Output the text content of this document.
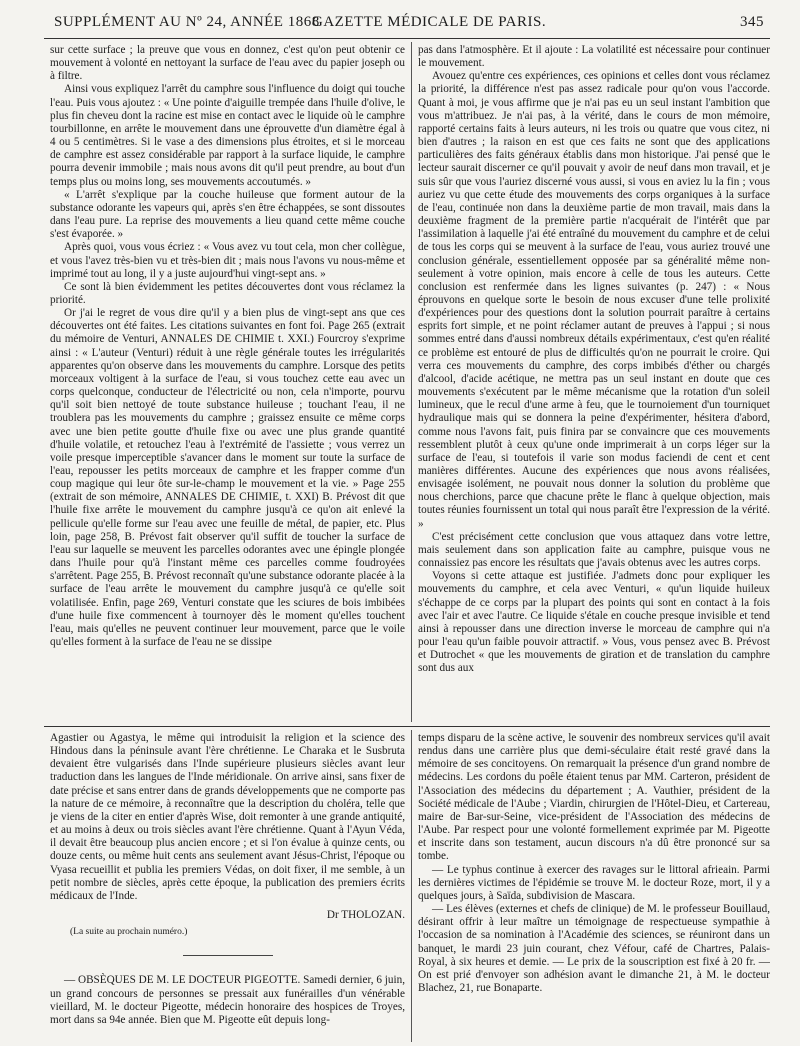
SUPPLÉMENT AU Nº 24, ANNÉE 1868
GAZETTE MÉDICALE DE PARIS.	345

sur cette surface ; la preuve que vous en donnez, c'est qu'on peut obtenir ce mouvement à volonté en nettoyant la surface de l'eau avec du papier joseph ou à filtre.

Ainsi vous expliquez l'arrêt du camphre sous l'influence du doigt qui touche l'eau. Puis vous ajoutez : « Une pointe d'aiguille trempée dans l'huile d'olive, le plus fin cheveu dont la racine est mise en contact avec le liquide où le camphre tourbillonne, en arrête le mouvement dans une éprouvette d'un diamètre égal à 4 ou 5 centimètres. Si le vase a des dimensions plus étroites, et si le morceau de camphre est assez considérable par rapport à la surface liquide, le camphre pourra devenir immobile ; mais nous avons dit qu'il peut prendre, au bout d'un temps plus ou moins long, ses mouvements accoutumés. »

« L'arrêt s'explique par la couche huileuse que forment autour de la substance odorante les vapeurs qui, après s'en être échappées, se sont dissoutes dans l'eau pure. La reprise des mouvements a lieu quand cette même couche s'est évaporée. »

Après quoi, vous vous écriez : « Vous avez vu tout cela, mon cher collègue, et vous l'avez très-bien vu et très-bien dit ; mais nous l'avons vu nous-même et imprimé tout au long, il y a juste aujourd'hui vingt-sept ans. »

Ce sont là bien évidemment les petites découvertes dont vous réclamez la priorité.

Or j'ai le regret de vous dire qu'il y a bien plus de vingt-sept ans que ces découvertes ont été faites. Les citations suivantes en font foi. Page 265 (extrait du mémoire de Venturi, ANNALES DE CHIMIE t. XXI.) Fourcroy s'exprime ainsi : « L'auteur (Venturi) réduit à une règle générale toutes les irrégularités apparentes qu'on observe dans les mouvements du camphre. Lorsque des petits morceaux voltigent à la surface de l'eau, si vous touchez cette eau avec un corps quelconque, conducteur de l'électricité ou non, cela n'importe, pourvu qu'il soit bien nettoyé de toute substance huileuse ; touchant l'eau, il ne troublera pas les mouvements du camphre ; graissez ensuite ce même corps avec une bien petite goutte d'huile fixe ou avec une plus grande quantité d'huile volatile, et retouchez l'eau à l'extrémité de l'assiette ; vous verrez un voile presque imperceptible s'avancer dans le moment sur toute la surface de l'eau, repousser les petits morceaux de camphre et les frapper comme d'un coup magique qui leur ôte sur-le-champ le mouvement et la vie. » Page 255 (extrait de son mémoire, ANNALES DE CHIMIE, t. XXI) B. Prévost dit que l'huile fixe arrête le mouvement du camphre jusqu'à ce qu'on ait enlevé la pellicule qu'elle forme sur l'eau avec une feuille de métal, de papier, etc. Plus loin, page 258, B. Prévost fait observer qu'il suffit de toucher la surface de l'eau sur laquelle se meuvent les parcelles odorantes avec une épingle plongée dans l'huile pour qu'à l'instant même ces parcelles comme foudroyées s'arrêtent. Page 255, B. Prévost reconnaît qu'une substance odorante placée à la surface de l'eau arrête le mouvement du camphre jusqu'à ce qu'elle soit volatilisée. Enfin, page 269, Venturi constate que les sciures de bois imbibées d'une huile fixe commencent à tournoyer dès le moment qu'elles touchent l'eau, mais qu'elles ne peuvent continuer leur mouvement, parce que le voile qu'elles forment à la surface de l'eau ne se dissipe

pas dans l'atmosphère. Et il ajoute : La volatilité est nécessaire pour continuer le mouvement.

Avouez qu'entre ces expériences, ces opinions et celles dont vous réclamez la priorité, la différence n'est pas assez radicale pour qu'on vous l'accorde. Quant à moi, je vous affirme que je n'ai pas eu un seul instant l'ambition que vous m'attribuez. Je n'ai pas, à la vérité, dans le cours de mon mémoire, rapporté certains faits à leurs auteurs, ni les trois ou quatre que vous citez, ni bien d'autres ; la raison en est que ces faits ne sont que des applications particulières des faits généraux établis dans mon historique. J'ai pensé que le lecteur saurait discerner ce qu'il pouvait y avoir de neuf dans mon travail, et je suis sûr que vous l'auriez discerné vous aussi, si vous en aviez lu la fin ; vous auriez vu que cette étude des mouvements des corps organiques à la surface de l'eau, continuée non dans la deuxième partie de mon travail, mais dans la deuxième fragment de la première partie n'acquérait de l'intérêt que par l'assimilation à laquelle j'ai été entraîné du mouvement du camphre et de celui de tous les corps qui se meuvent à la surface de l'eau, vous auriez trouvé une conclusion générale, essentiellement opposée par sa généralité même non-seulement à votre opinion, mais encore à celle de tous les auteurs. Cette conclusion est renfermée dans les lignes suivantes (p. 247) : « Nous éprouvons en quelque sorte le besoin de nous excuser d'une telle prolixité d'expériences pour des questions dont la solution pourrait paraître à certains esprits fort simple, et ne point réclamer autant de preuves à l'appui ; si nous sommes entré dans d'aussi nombreux détails expérimentaux, c'est qu'en réalité ce problème est entouré de plus de difficultés qu'on ne pourrait le croire. Qui verra ces mouvements du camphre, des corps imbibés d'éther ou chargés d'alcool, d'acide acétique, ne mettra pas un seul instant en doute que ces mouvements s'exécutent par le même mécanisme que la rotation d'un soleil lumineux, que le recul d'une arme à feu, que le tournoiement d'un tourniquet hydraulique mais qui se donnera la peine d'expérimenter, hésitera d'abord, comme nous l'avons fait, puis finira par se convaincre que ces mouvements ressemblent plutôt à ceux qu'une onde imprimerait à un corps léger sur la surface de l'eau, si toutefois il varie son modus faciendi de cent et cent manières différentes. Aucune des expériences que nous avons réalisées, envisagée isolément, ne pouvait nous donner la solution du problème que nous cherchions, parce que chacune prête le flanc à quelque objection, mais toutes réunies fournissent un total qui nous paraît être l'expression de la vérité. »

C'est précisément cette conclusion que vous attaquez dans votre lettre, mais seulement dans son application faite au camphre, puisque vous ne connaissiez pas encore les résultats que j'avais obtenus avec les autres corps.

Voyons si cette attaque est justifiée. J'admets donc pour expliquer les mouvements du camphre, et cela avec Venturi, « qu'un liquide huileux s'échappe de ce corps par la plupart des points qui sont en contact à la fois avec l'air et avec l'autre. Ce liquide s'étale en couche presque invisible et tend ainsi à repousser dans une direction inverse le morceau de camphre qui n'a pour l'eau qu'un faible pouvoir attractif. » Vous, vous pensez avec B. Prévost et Dutrochet « que les mouvements de giration et de translation du camphre sont dus aux

Agastier ou Agastya, le même qui introduisit la religion et la science des Hindous dans la péninsule avant l'ère chrétienne. Le Charaka et le Susbruta devaient être vulgarisés dans l'Inde supérieure plusieurs siècles avant leur traduction dans les langues de l'Inde méridionale. On arrive ainsi, sans fixer de date précise et sans entrer dans de grands développements que ne comporte pas la nature de ce mémoire, à reconnaître que la description du choléra, telle que je viens de la citer en entier d'après Wise, doit remonter à une grande antiquité, et au moins à deux ou trois siècles avant l'ère chrétienne. Quant à l'Ayun Véda, il devait être beaucoup plus ancien encore ; et si l'on évalue à quinze cents, ou douze cents, ou même huit cents ans seulement avant Jésus-Christ, l'époque ou Vyasa recueillit et publia les premiers Védas, on doit fixer, il me semble, à un petit nombre de siècles, après cette époque, la publication des premiers écrits médicaux de l'Inde.

Dr THOLOZAN.

(La suite au prochain numéro.)

— OBSÈQUES DE M. LE DOCTEUR PIGEOTTE. Samedi dernier, 6 juin, un grand concours de personnes se pressait aux funérailles d'un vénérable vieillard, M. le docteur Pigeotte, médecin honoraire des hospices de Troyes, mort dans sa 94e année. Bien que M. Pigeotte eût depuis long-

temps disparu de la scène active, le souvenir des nombreux services qu'il avait rendus dans une carrière plus que demi-séculaire était resté gravé dans la mémoire de ses concitoyens. On remarquait la présence d'un grand nombre de médecins. Les cordons du poêle étaient tenus par MM. Carteron, président de l'Association des médecins du département ; A. Vauthier, président de la Société médicale de l'Aube ; Viardin, chirurgien de l'Hôtel-Dieu, et Cartereau, maire de Bar-sur-Seine, vice-président de l'Association des médecins de l'Aube. Par respect pour une volonté formellement exprimée par M. Pigeotte et inscrite dans son testament, aucun discours n'a dû être prononcé sur sa tombe.

— Le typhus continue à exercer des ravages sur le littoral afrieain. Parmi les dernières victimes de l'épidémie se trouve M. le docteur Roze, mort, il y a quelques jours, à Saïda, subdivision de Mascara.

— Les élèves (externes et chefs de clinique) de M. le professeur Bouillaud, désirant offrir à leur maître un témoignage de respectueuse sympathie à l'occasion de sa nomination à l'Académie des sciences, se réuniront dans un banquet, le mardi 23 juin courant, chez Véfour, café de Chartres, Palais-Royal, à six heures et demie. — Le prix de la souscription est fixé à 20 fr. — On est prié d'envoyer son adhésion avant le dimanche 21, à M. le docteur Blachez, 21, rue Bonaparte.
